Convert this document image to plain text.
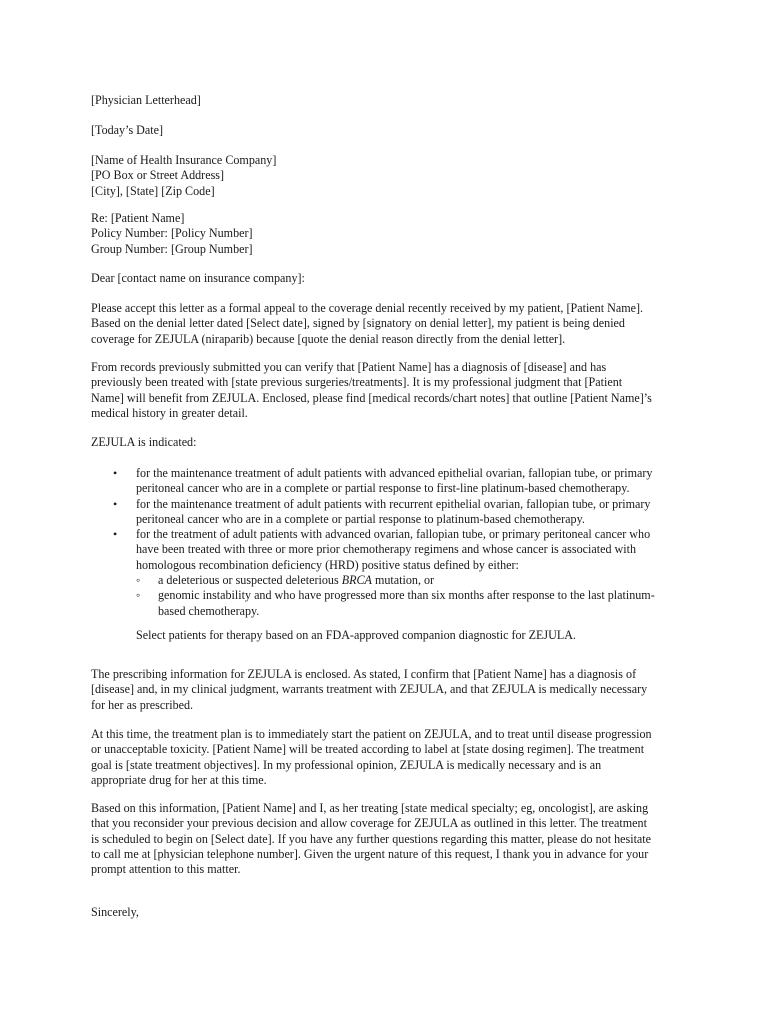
[Physician Letterhead]
[Today’s Date]
[Name of Health Insurance Company]
[PO Box or Street Address]
[City], [State] [Zip Code]
Re: [Patient Name]
Policy Number: [Policy Number]
Group Number: [Group Number]
Dear [contact name on insurance company]:
Please accept this letter as a formal appeal to the coverage denial recently received by my patient, [Patient Name].
Based on the denial letter dated [Select date], signed by [signatory on denial letter], my patient is being denied
coverage for ZEJULA (niraparib) because [quote the denial reason directly from the denial letter].
From records previously submitted you can verify that [Patient Name] has a diagnosis of [disease] and has
previously been treated with [state previous surgeries/treatments]. It is my professional judgment that [Patient
Name] will benefit from ZEJULA. Enclosed, please find [medical records/chart notes] that outline [Patient Name]’s
medical history in greater detail.
ZEJULA is indicated:
• for the maintenance treatment of adult patients with advanced epithelial ovarian, fallopian tube, or primary
peritoneal cancer who are in a complete or partial response to first-line platinum-based chemotherapy.
• for the maintenance treatment of adult patients with recurrent epithelial ovarian, fallopian tube, or primary
peritoneal cancer who are in a complete or partial response to platinum-based chemotherapy.
• for the treatment of adult patients with advanced ovarian, fallopian tube, or primary peritoneal cancer who
have been treated with three or more prior chemotherapy regimens and whose cancer is associated with
homologous recombination deficiency (HRD) positive status defined by either:
◦ a deleterious or suspected deleterious BRCA mutation, or
◦ genomic instability and who have progressed more than six months after response to the last platinum-
based chemotherapy.
Select patients for therapy based on an FDA-approved companion diagnostic for ZEJULA.
The prescribing information for ZEJULA is enclosed. As stated, I confirm that [Patient Name] has a diagnosis of
[disease] and, in my clinical judgment, warrants treatment with ZEJULA, and that ZEJULA is medically necessary
for her as prescribed.
At this time, the treatment plan is to immediately start the patient on ZEJULA, and to treat until disease progression
or unacceptable toxicity. [Patient Name] will be treated according to label at [state dosing regimen]. The treatment
goal is [state treatment objectives]. In my professional opinion, ZEJULA is medically necessary and is an
appropriate drug for her at this time.
Based on this information, [Patient Name] and I, as her treating [state medical specialty; eg, oncologist], are asking
that you reconsider your previous decision and allow coverage for ZEJULA as outlined in this letter. The treatment
is scheduled to begin on [Select date]. If you have any further questions regarding this matter, please do not hesitate
to call me at [physician telephone number]. Given the urgent nature of this request, I thank you in advance for your
prompt attention to this matter.
Sincerely,
